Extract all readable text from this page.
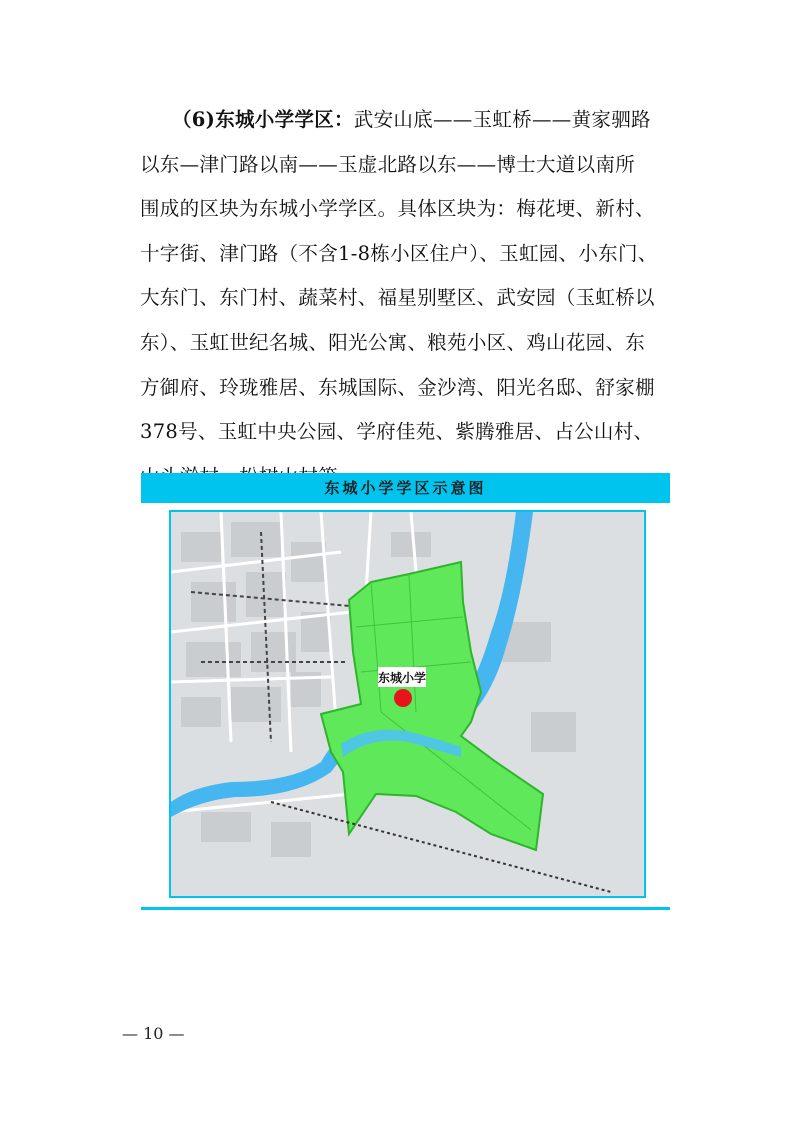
（6)东城小学学区：武安山底——玉虹桥——黄家驷路
以东—津门路以南——玉虚北路以东——博士大道以南所
围成的区块为东城小学学区。具体区块为：梅花埂、新村、
十字街、津门路（不含1-8栋小区住户）、玉虹园、小东门、
大东门、东门村、蔬菜村、福星别墅区、武安园（玉虹桥以
东）、玉虹世纪名城、阳光公寓、粮苑小区、鸡山花园、东
方御府、玲珑雅居、东城国际、金沙湾、阳光名邸、舒家棚
378号、玉虹中央公园、学府佳苑、紫腾雅居、占公山村、
东城小学学区示意图
东城小学
— 10 —
